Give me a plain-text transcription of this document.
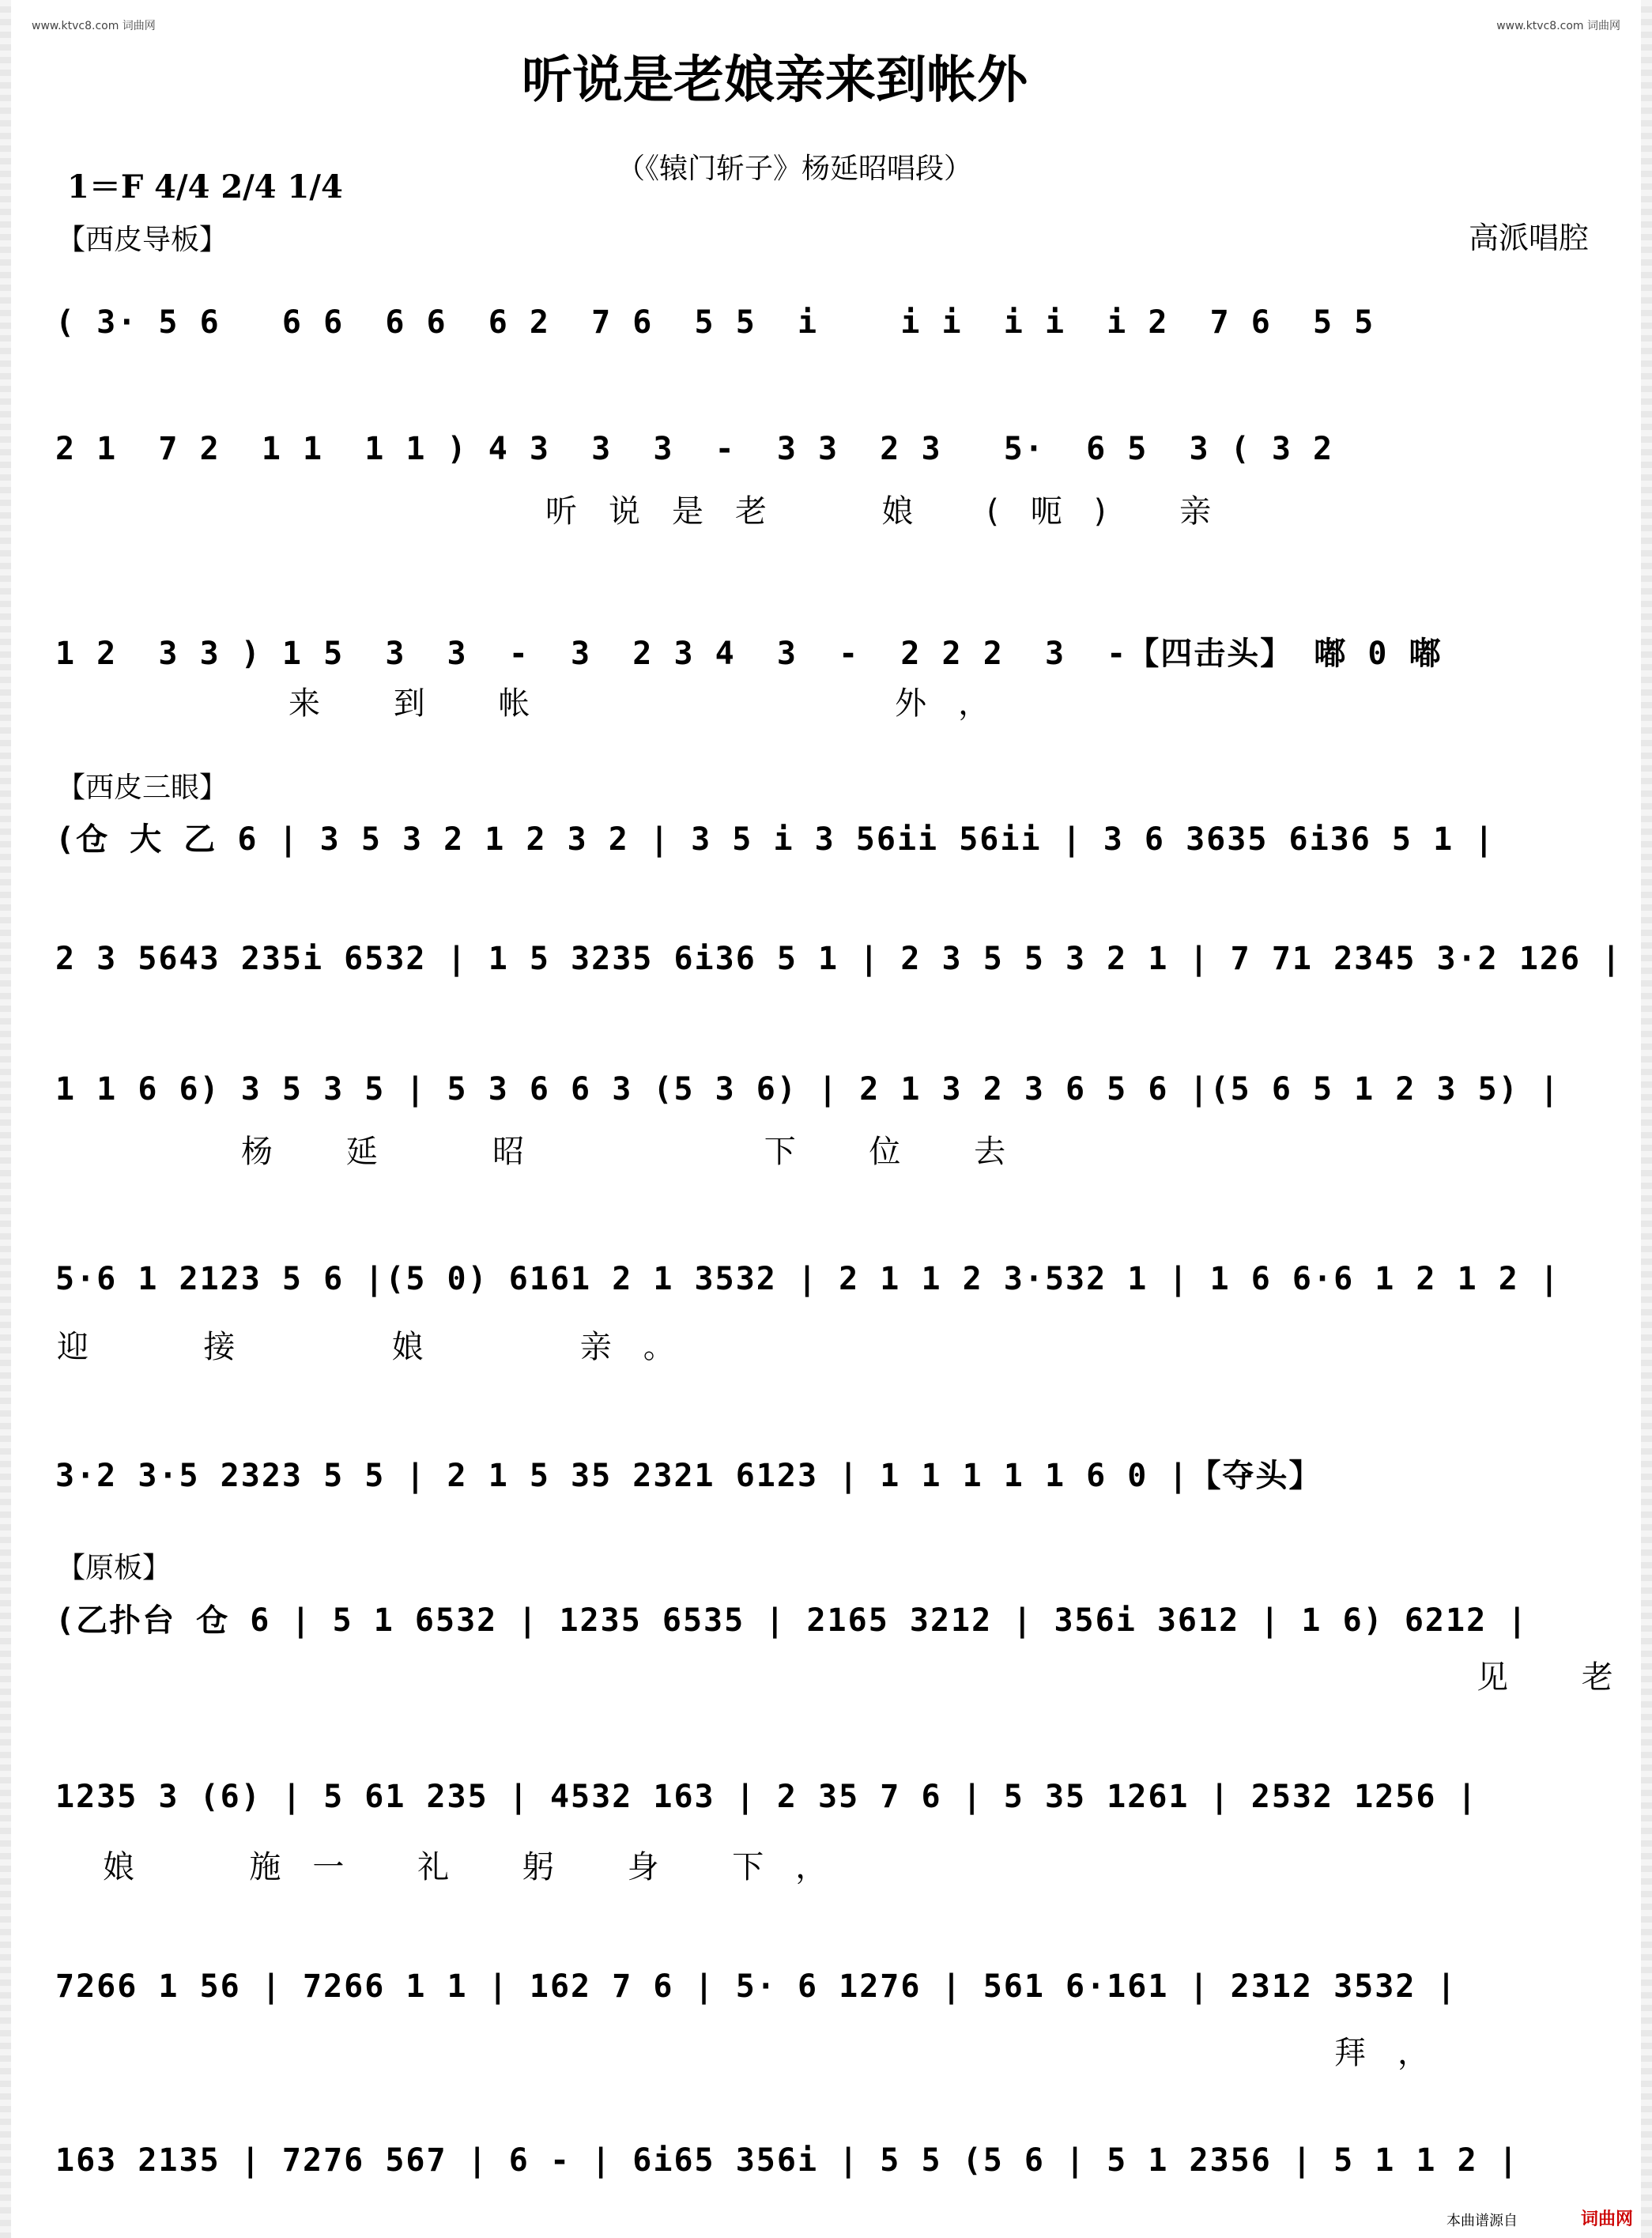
www.ktvc8.com 词曲网	www.ktvc8.com 词曲网
听说是老娘亲来到帐外
（《辕门斩子》杨延昭唱段）
1＝F 4/4 2/4 1/4
【西皮导板】	高派唱腔
( 3· 5 6   6 6  6 6  6 2  7 6  5 5  i    i i  i i  i 2  7 6  5 5
2 1  7 2  1 1  1 1 ) 4 3  3  3  -  3 3  2 3   5·  6 5  3 ( 3 2
听说是老  娘 (呃) 亲
1 2  3 3 ) 1 5  3  3  -  3  2 3 4  3  -  2 2 2  3  -【四击头】 嘟 0 嘟
来 到 帐        外，
【西皮三眼】
(仓 大 乙 6 | 3 5 3 2 1 2 3 2 | 3 5 i 3 56ii 56ii | 3 6 3635 6i36 5 1 |
2 3 5643 235i 6532 | 1 5 3235 6i36 5 1 | 2 3 5 5 3 2 1 | 7 71 2345 3·2 126 |
1 1 6 6) 3 5 3 5 | 5 3 6 6 3 (5 3 6) | 2 1 3 2 3 6 5 6 |(5 6 5 1 2 3 5) |
杨 延  昭     下 位 去
5·6 1 2123 5 6 |(5 0) 6161 2 1 3532 | 2 1 1 2 3·532 1 | 1 6 6·6 1 2 1 2 |
迎  接   娘   亲。
3·2 3·5 2323 5 5 | 2 1 5 35 2321 6123 | 1 1 1 1 1 6 0 |【夺头】
【原板】
(乙扑台 仓 6 | 5 1 6532 | 1235 6535 | 2165 3212 | 356i 3612 | 1 6) 6212 |
见 老
1235 3 (6) | 5 61 235 | 4532 163 | 2 35 7 6 | 5 35 1261 | 2532 1256 |
娘  施一 礼 躬 身 下，
7266 1 56 | 7266 1 1 | 162 7 6 | 5· 6 1276 | 561 6·161 | 2312 3532 |
拜，
163 2135 | 7276 567 | 6 - | 6i65 356i | 5 5 (5 6 | 5 1 2356 | 5 1 1 2 |
本曲谱源自	词曲网
